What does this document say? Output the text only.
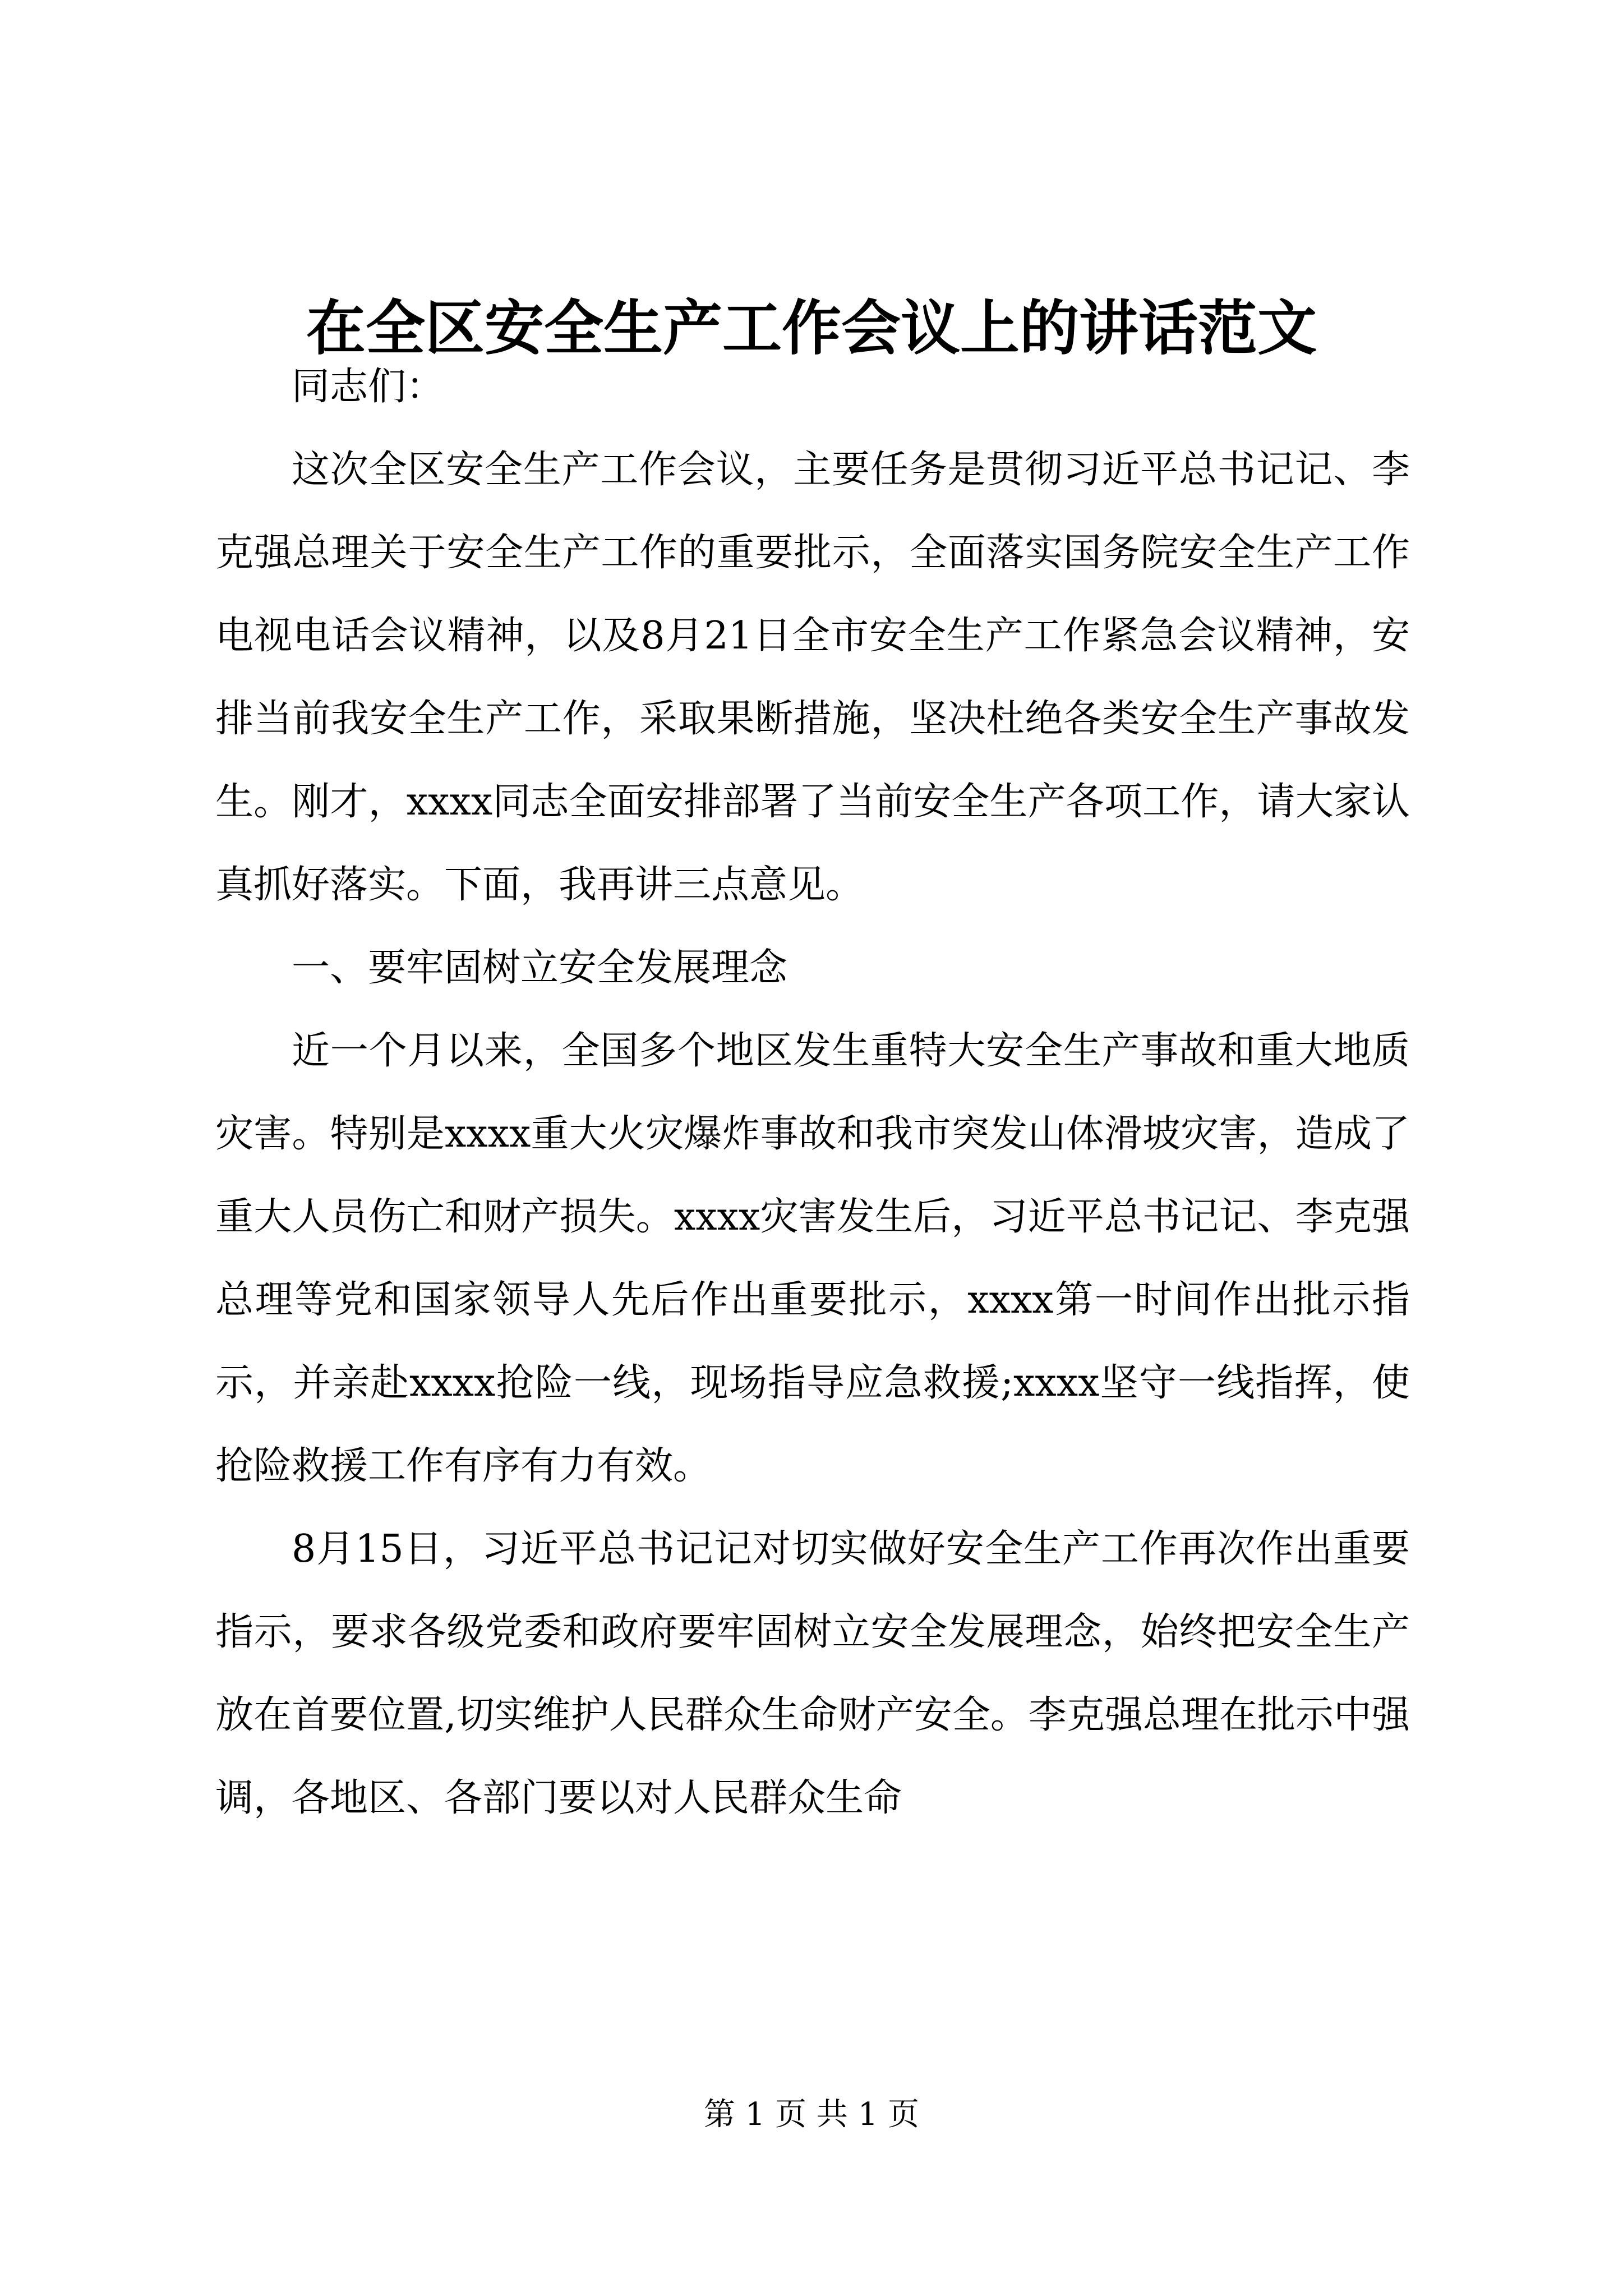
在全区安全生产工作会议上的讲话范文

同志们：

这次全区安全生产工作会议，主要任务是贯彻习近平总书记记、李克强总理关于安全生产工作的重要批示，全面落实国务院安全生产工作电视电话会议精神，以及8月21日全市安全生产工作紧急会议精神，安排当前我安全生产工作，采取果断措施，坚决杜绝各类安全生产事故发生。刚才，xxxx同志全面安排部署了当前安全生产各项工作，请大家认真抓好落实。下面，我再讲三点意见。

一、要牢固树立安全发展理念

近一个月以来，全国多个地区发生重特大安全生产事故和重大地质灾害。特别是xxxx重大火灾爆炸事故和我市突发山体滑坡灾害，造成了重大人员伤亡和财产损失。xxxx灾害发生后，习近平总书记记、李克强总理等党和国家领导人先后作出重要批示，xxxx第一时间作出批示指示，并亲赴xxxx抢险一线，现场指导应急救援;xxxx坚守一线指挥，使抢险救援工作有序有力有效。

8月15日，习近平总书记记对切实做好安全生产工作再次作出重要指示，要求各级党委和政府要牢固树立安全发展理念，始终把安全生产放在首要位置,切实维护人民群众生命财产安全。李克强总理在批示中强调，各地区、各部门要以对人民群众生命

第 1 页 共 1 页
